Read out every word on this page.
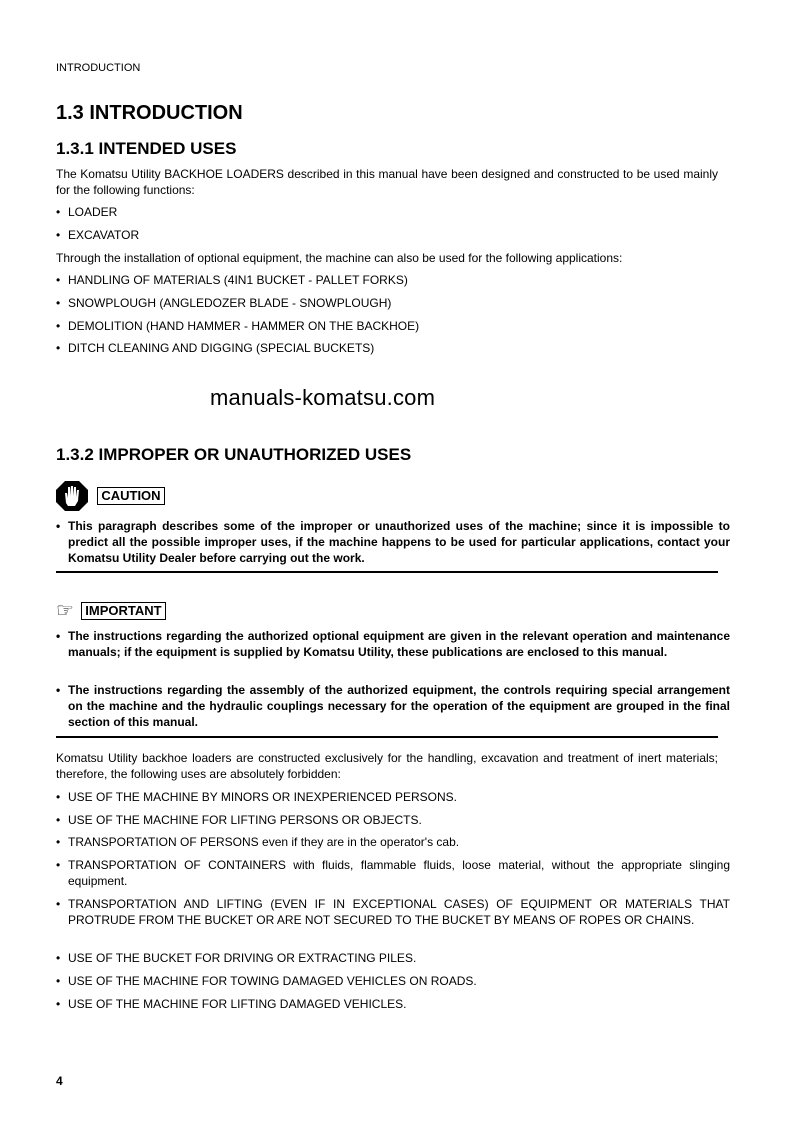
INTRODUCTION
1.3 INTRODUCTION
1.3.1 INTENDED USES
The Komatsu Utility BACKHOE LOADERS described in this manual have been designed and constructed to be used mainly for the following functions:
• LOADER
• EXCAVATOR
Through the installation of optional equipment, the machine can also be used for the following applications:
• HANDLING OF MATERIALS (4IN1 BUCKET - PALLET FORKS)
• SNOWPLOUGH (ANGLEDOZER BLADE - SNOWPLOUGH)
• DEMOLITION (HAND HAMMER - HAMMER ON THE BACKHOE)
• DITCH CLEANING AND DIGGING (SPECIAL BUCKETS)
manuals-komatsu.com
1.3.2 IMPROPER OR UNAUTHORIZED USES
CAUTION
• This paragraph describes some of the improper or unauthorized uses of the machine; since it is impossible to predict all the possible improper uses, if the machine happens to be used for particular applications, contact your Komatsu Utility Dealer before carrying out the work.
☞ IMPORTANT
• The instructions regarding the authorized optional equipment are given in the relevant operation and maintenance manuals; if the equipment is supplied by Komatsu Utility, these publications are enclosed to this manual.
• The instructions regarding the assembly of the authorized equipment, the controls requiring special arrangement on the machine and the hydraulic couplings necessary for the operation of the equipment are grouped in the final section of this manual.
Komatsu Utility backhoe loaders are constructed exclusively for the handling, excavation and treatment of inert materials; therefore, the following uses are absolutely forbidden:
• USE OF THE MACHINE BY MINORS OR INEXPERIENCED PERSONS.
• USE OF THE MACHINE FOR LIFTING PERSONS OR OBJECTS.
• TRANSPORTATION OF PERSONS even if they are in the operator's cab.
• TRANSPORTATION OF CONTAINERS with fluids, flammable fluids, loose material, without the appropriate slinging equipment.
• TRANSPORTATION AND LIFTING (EVEN IF IN EXCEPTIONAL CASES) OF EQUIPMENT OR MATERIALS THAT PROTRUDE FROM THE BUCKET OR ARE NOT SECURED TO THE BUCKET BY MEANS OF ROPES OR CHAINS.
• USE OF THE BUCKET FOR DRIVING OR EXTRACTING PILES.
• USE OF THE MACHINE FOR TOWING DAMAGED VEHICLES ON ROADS.
• USE OF THE MACHINE FOR LIFTING DAMAGED VEHICLES.
4
